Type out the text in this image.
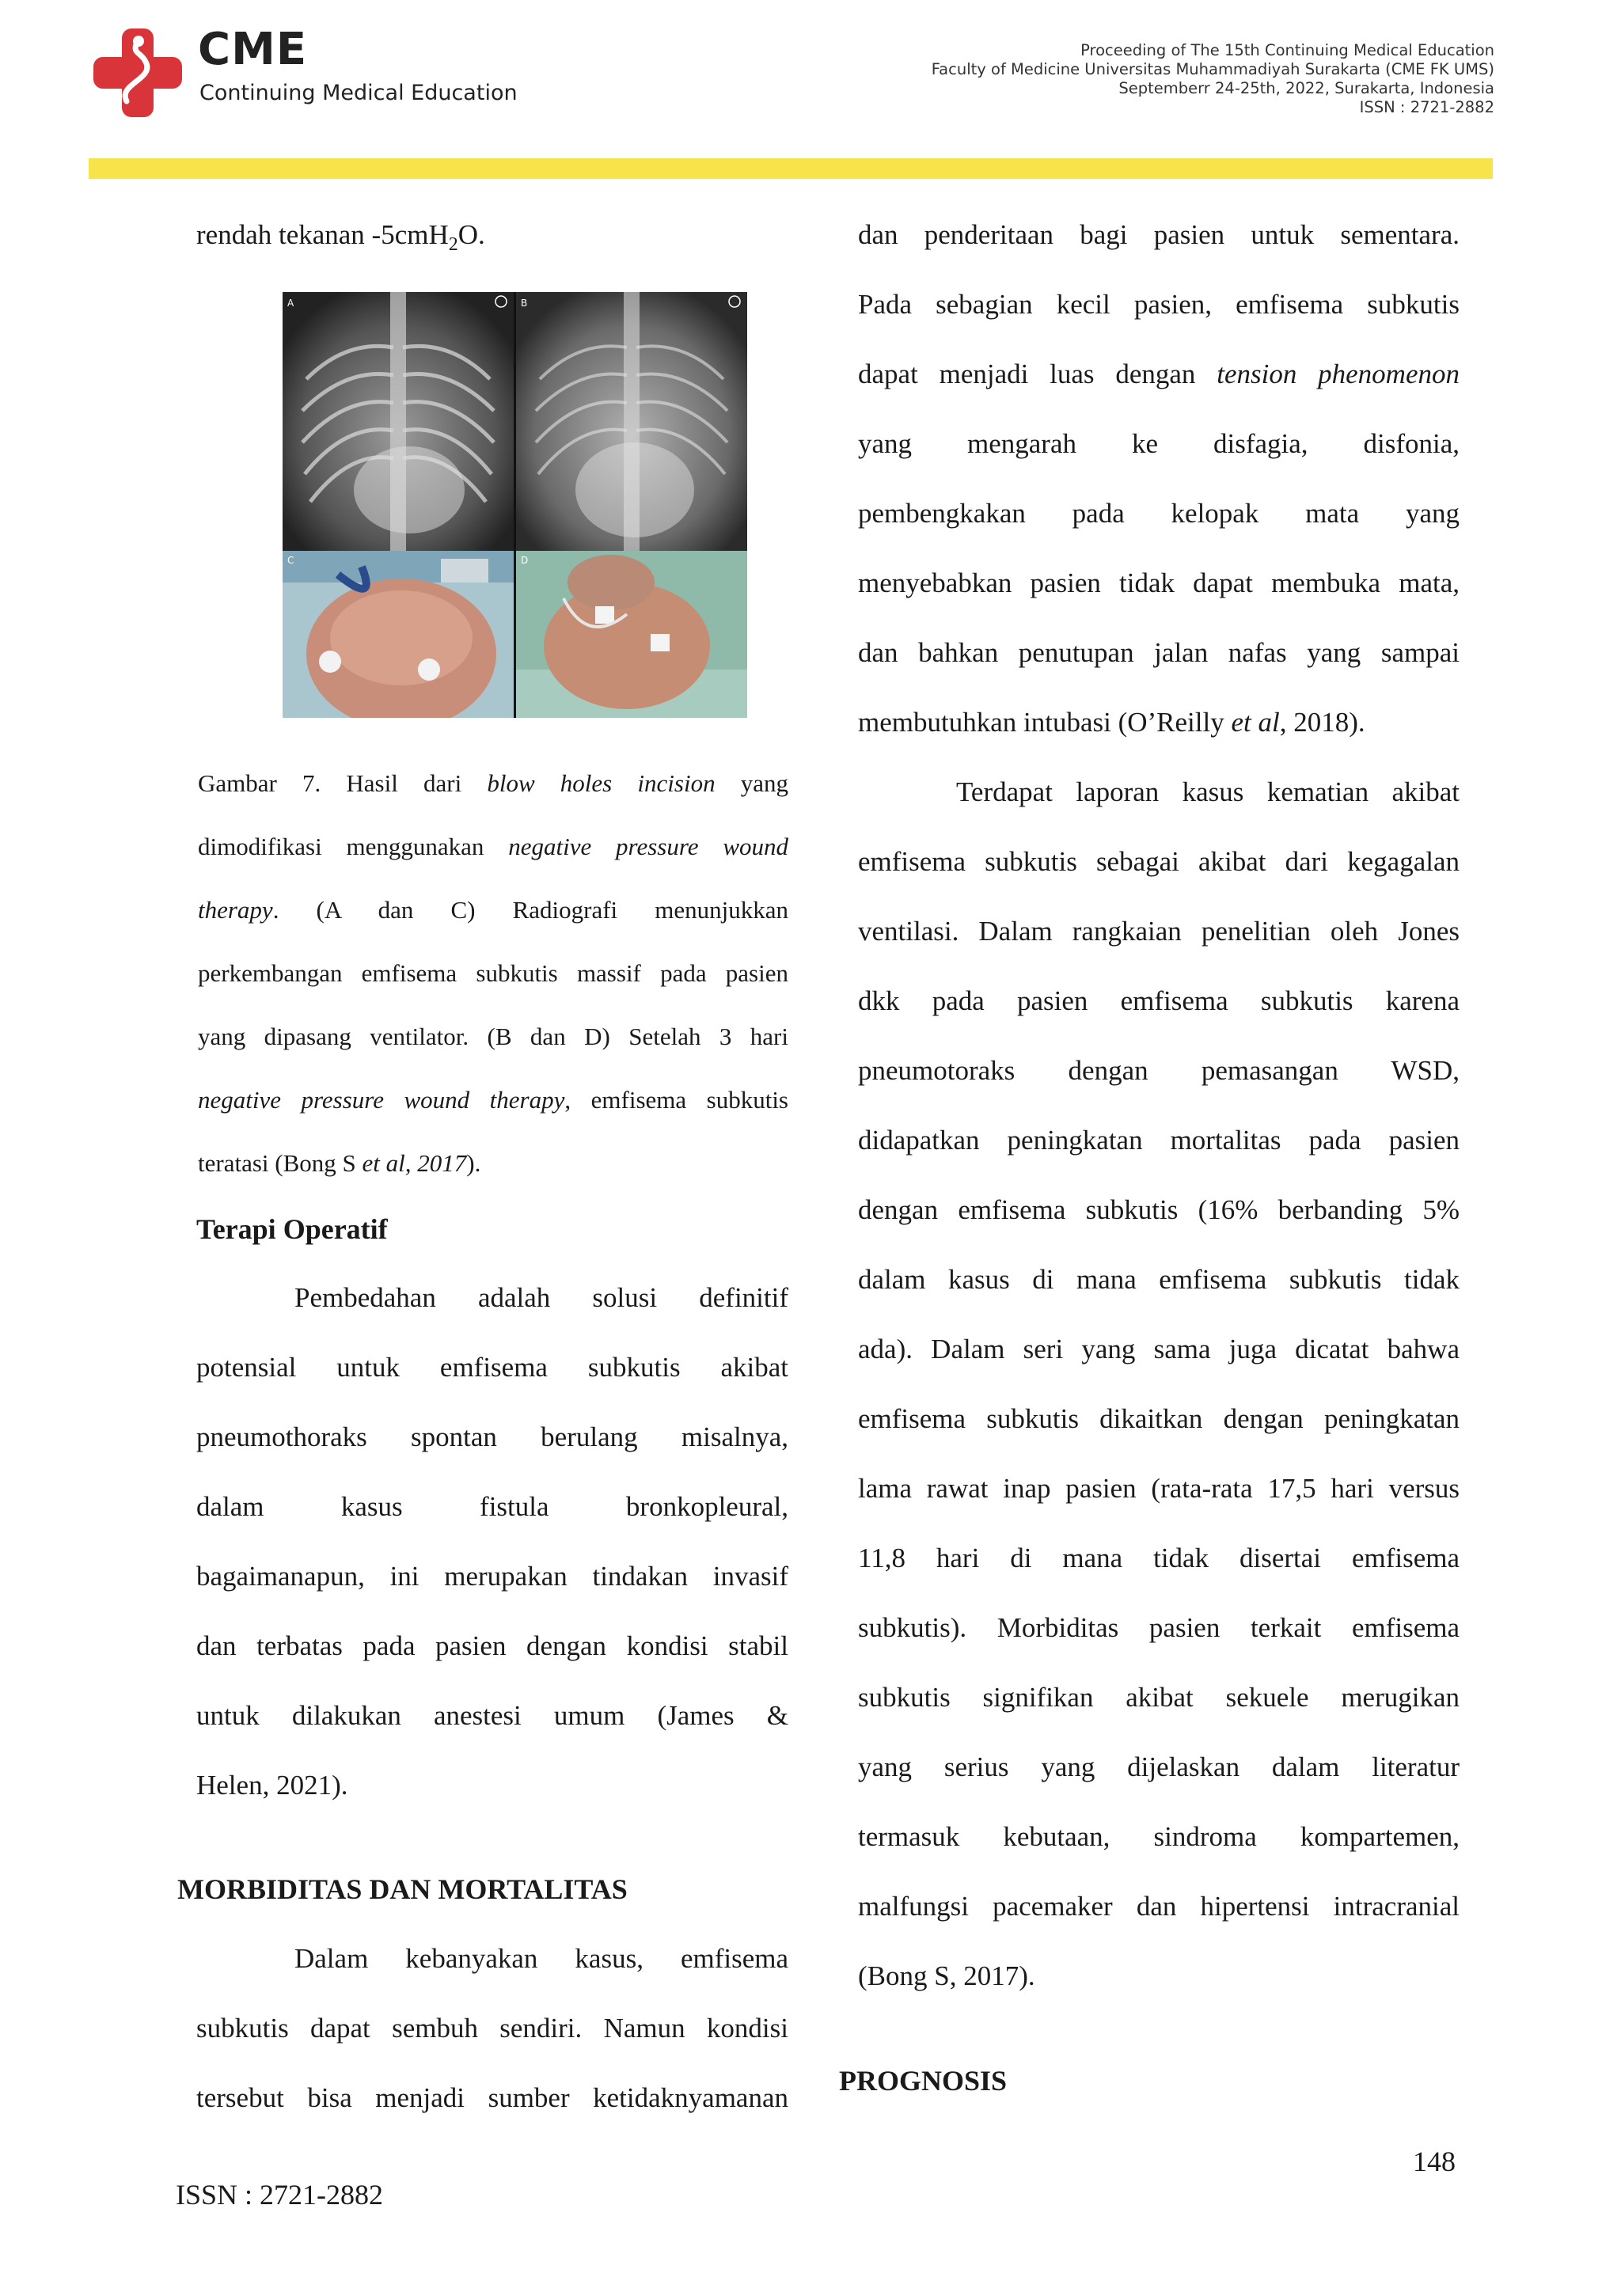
CME
Continuing Medical Education
Proceeding of The 15th Continuing Medical Education
Faculty of Medicine Universitas Muhammadiyah Surakarta (CME FK UMS)
Septemberr 24-25th, 2022, Surakarta, Indonesia
ISSN : 2721-2882
rendah tekanan -5cmH$_2$O.
A	B
C	D
Gambar 7. Hasil dari blow holes incision yang
dimodifikasi menggunakan negative pressure wound
therapy. (A dan C) Radiografi menunjukkan
perkembangan emfisema subkutis massif pada pasien
yang dipasang ventilator. (B dan D) Setelah 3 hari
negative pressure wound therapy, emfisema subkutis
teratasi (Bong S et al, 2017).
Terapi Operatif
Pembedahan adalah solusi definitif
potensial untuk emfisema subkutis akibat
pneumothoraks spontan berulang misalnya,
dalam kasus fistula bronkopleural,
bagaimanapun, ini merupakan tindakan invasif
dan terbatas pada pasien dengan kondisi stabil
untuk dilakukan anestesi umum (James &
Helen, 2021).
MORBIDITAS DAN MORTALITAS
Dalam kebanyakan kasus, emfisema
subkutis dapat sembuh sendiri. Namun kondisi
tersebut bisa menjadi sumber ketidaknyamanan
dan penderitaan bagi pasien untuk sementara.
Pada sebagian kecil pasien, emfisema subkutis
dapat menjadi luas dengan tension phenomenon
yang mengarah ke disfagia, disfonia,
pembengkakan pada kelopak mata yang
menyebabkan pasien tidak dapat membuka mata,
dan bahkan penutupan jalan nafas yang sampai
membutuhkan intubasi (O’Reilly et al, 2018).
Terdapat laporan kasus kematian akibat
emfisema subkutis sebagai akibat dari kegagalan
ventilasi. Dalam rangkaian penelitian oleh Jones
dkk pada pasien emfisema subkutis karena
pneumotoraks dengan pemasangan WSD,
didapatkan peningkatan mortalitas pada pasien
dengan emfisema subkutis (16% berbanding 5%
dalam kasus di mana emfisema subkutis tidak
ada). Dalam seri yang sama juga dicatat bahwa
emfisema subkutis dikaitkan dengan peningkatan
lama rawat inap pasien (rata-rata 17,5 hari versus
11,8 hari di mana tidak disertai emfisema
subkutis). Morbiditas pasien terkait emfisema
subkutis signifikan akibat sekuele merugikan
yang serius yang dijelaskan dalam literatur
termasuk kebutaan, sindroma kompartemen,
malfungsi pacemaker dan hipertensi intracranial
(Bong S, 2017).
PROGNOSIS
148
ISSN : 2721-2882
